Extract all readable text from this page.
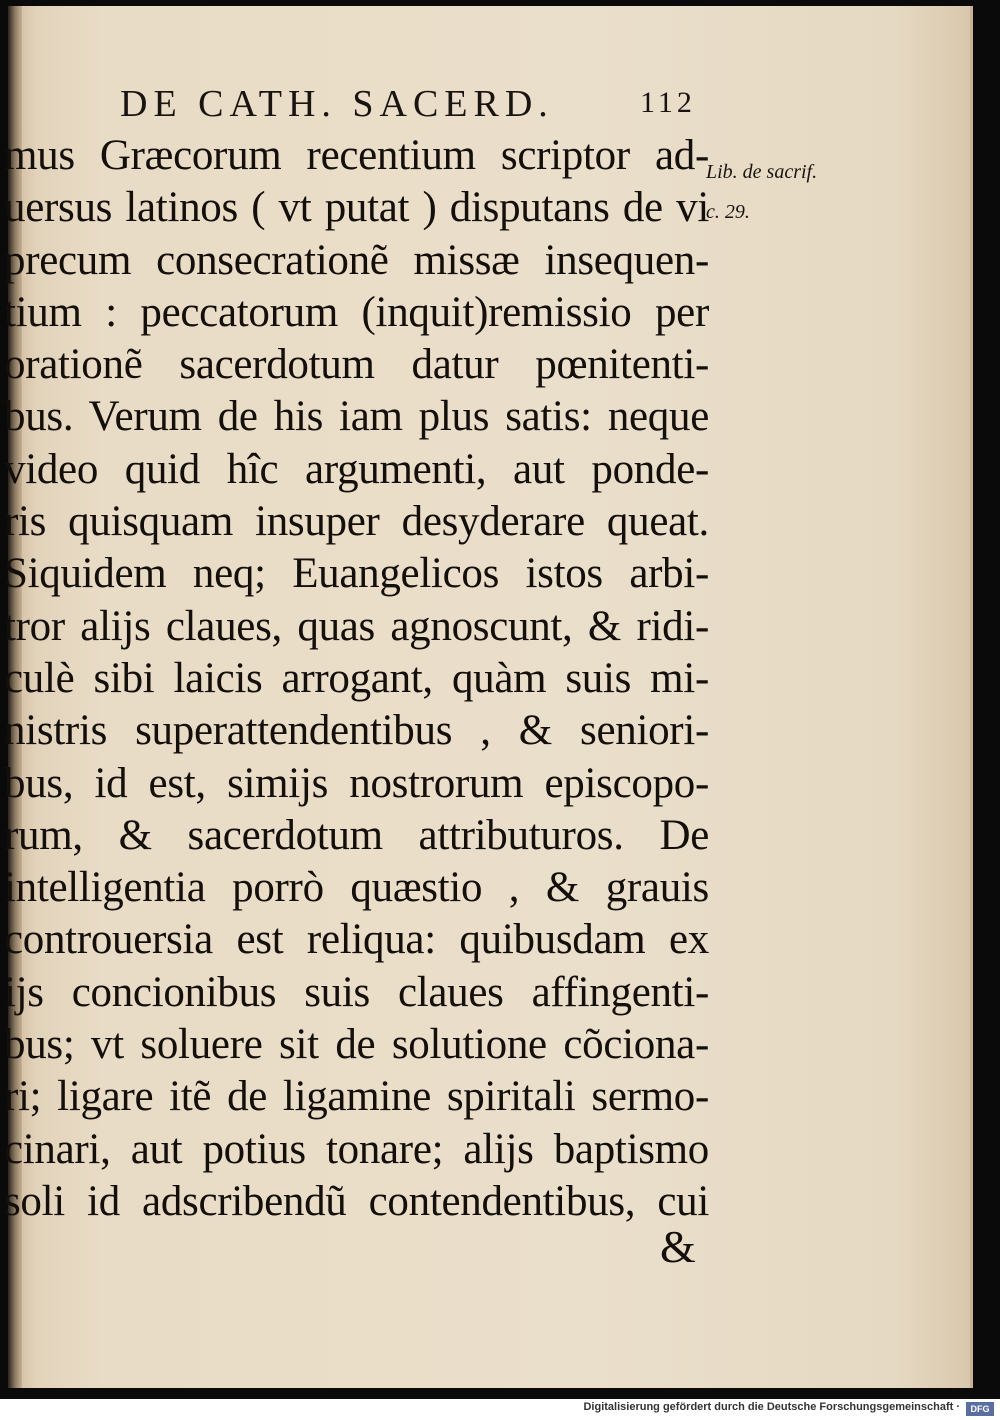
DE CATH. SACERD.	112
Lib. de sacrif.
c. 29.
mus Græcorum recentium scriptor ad-
uersus latinos ( vt putat ) disputans de vi
precum consecrationẽ missæ insequen-
tium : peccatorum (inquit)remissio per
orationẽ sacerdotum datur pœnitenti-
bus. Verum de his iam plus satis: neque
video quid hîc argumenti, aut ponde-
ris quisquam insuper desyderare queat.
Siquidem neq; Euangelicos istos arbi-
tror alijs claues, quas agnoscunt, & ridi-
culè sibi laicis arrogant, quàm suis mi-
nistris superattendentibus , & seniori-
bus, id est, simijs nostrorum episcopo-
rum, & sacerdotum attributuros. De
intelligentia porrò quæstio , & grauis
controuersia est reliqua: quibusdam ex
ijs concionibus suis claues affingenti-
bus; vt soluere sit de solutione cõciona-
ri; ligare itẽ de ligamine spiritali sermo-
cinari, aut potius tonare; alijs baptismo
soli id adscribendũ contendentibus, cui
&
Digitalisierung gefördert durch die Deutsche Forschungsgemeinschaft ·	DFG
